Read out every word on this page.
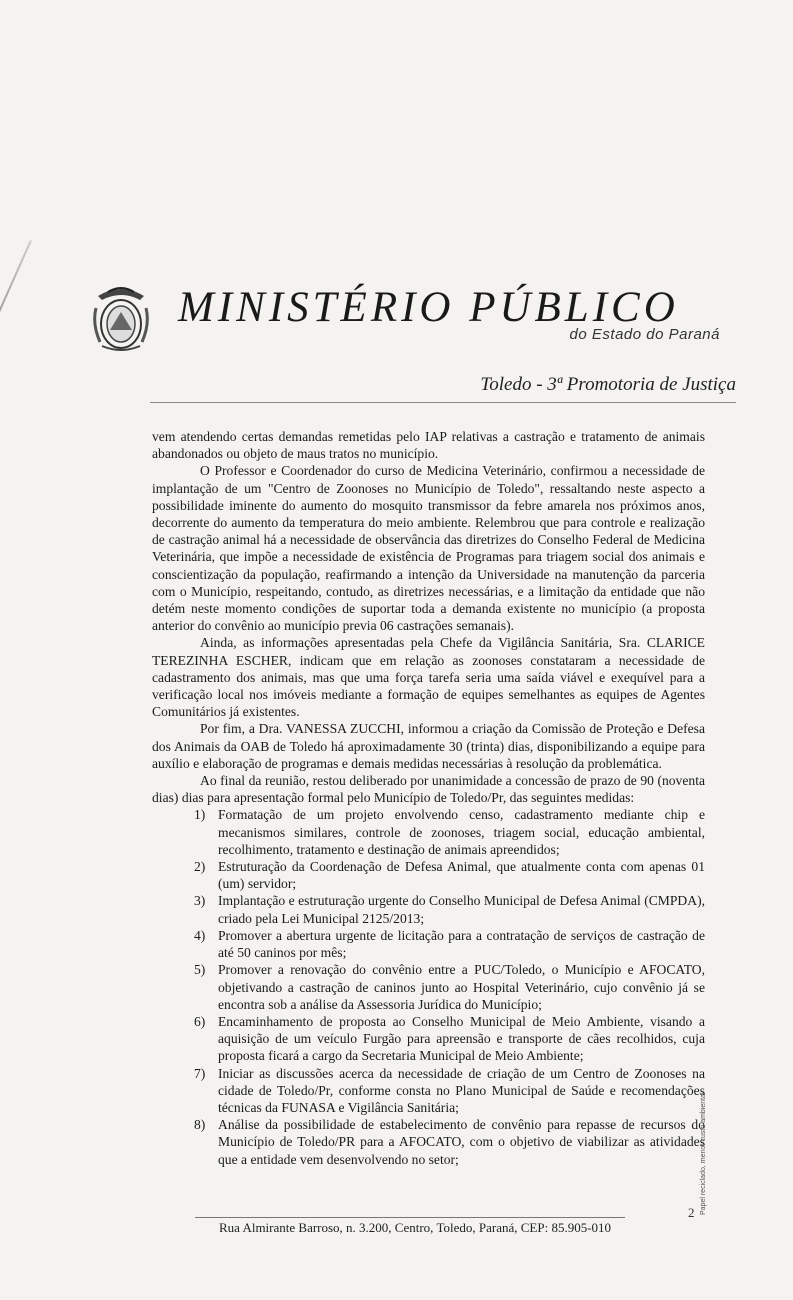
MINISTÉRIO PÚBLICO
do Estado do Paraná
Toledo - 3ª Promotoria de Justiça

vem atendendo certas demandas remetidas pelo IAP relativas a castração e tratamento de animais abandonados ou objeto de maus tratos no município.

O Professor e Coordenador do curso de Medicina Veterinário, confirmou a necessidade de implantação de um "Centro de Zoonoses no Município de Toledo", ressaltando neste aspecto a possibilidade iminente do aumento do mosquito transmissor da febre amarela nos próximos anos, decorrente do aumento da temperatura do meio ambiente. Relembrou que para controle e realização de castração animal há a necessidade de observância das diretrizes do Conselho Federal de Medicina Veterinária, que impõe a necessidade de existência de Programas para triagem social dos animais e conscientização da população, reafirmando a intenção da Universidade na manutenção da parceria com o Município, respeitando, contudo, as diretrizes necessárias, e a limitação da entidade que não detém neste momento condições de suportar toda a demanda existente no município (a proposta anterior do convênio ao município previa 06 castrações semanais).

Ainda, as informações apresentadas pela Chefe da Vigilância Sanitária, Sra. CLARICE TEREZINHA ESCHER, indicam que em relação as zoonoses constataram a necessidade de cadastramento dos animais, mas que uma força tarefa seria uma saída viável e exequível para a verificação local nos imóveis mediante a formação de equipes semelhantes as equipes de Agentes Comunitários já existentes.

Por fim, a Dra. VANESSA ZUCCHI, informou a criação da Comissão de Proteção e Defesa dos Animais da OAB de Toledo há aproximadamente 30 (trinta) dias, disponibilizando a equipe para auxílio e elaboração de programas e demais medidas necessárias à resolução da problemática.

Ao final da reunião, restou deliberado por unanimidade a concessão de prazo de 90 (noventa dias) dias para apresentação formal pelo Município de Toledo/Pr, das seguintes medidas:

1) Formatação de um projeto envolvendo censo, cadastramento mediante chip e mecanismos similares, controle de zoonoses, triagem social, educação ambiental, recolhimento, tratamento e destinação de animais apreendidos;
2) Estruturação da Coordenação de Defesa Animal, que atualmente conta com apenas 01 (um) servidor;
3) Implantação e estruturação urgente do Conselho Municipal de Defesa Animal (CMPDA), criado pela Lei Municipal 2125/2013;
4) Promover a abertura urgente de licitação para a contratação de serviços de castração de até 50 caninos por mês;
5) Promover a renovação do convênio entre a PUC/Toledo, o Município e AFOCATO, objetivando a castração de caninos junto ao Hospital Veterinário, cujo convênio já se encontra sob a análise da Assessoria Jurídica do Município;
6) Encaminhamento de proposta ao Conselho Municipal de Meio Ambiente, visando a aquisição de um veículo Furgão para apreensão e transporte de cães recolhidos, cuja proposta ficará a cargo da Secretaria Municipal de Meio Ambiente;
7) Iniciar as discussões acerca da necessidade de criação de um Centro de Zoonoses na cidade de Toledo/Pr, conforme consta no Plano Municipal de Saúde e recomendações técnicas da FUNASA e Vigilância Sanitária;
8) Análise da possibilidade de estabelecimento de convênio para repasse de recursos do Município de Toledo/PR para a AFOCATO, com o objetivo de viabilizar as atividades que a entidade vem desenvolvendo no setor;
2
Rua Almirante Barroso, n. 3.200, Centro, Toledo, Paraná, CEP: 85.905-010
Papel reciclado, menor custo ambiental
